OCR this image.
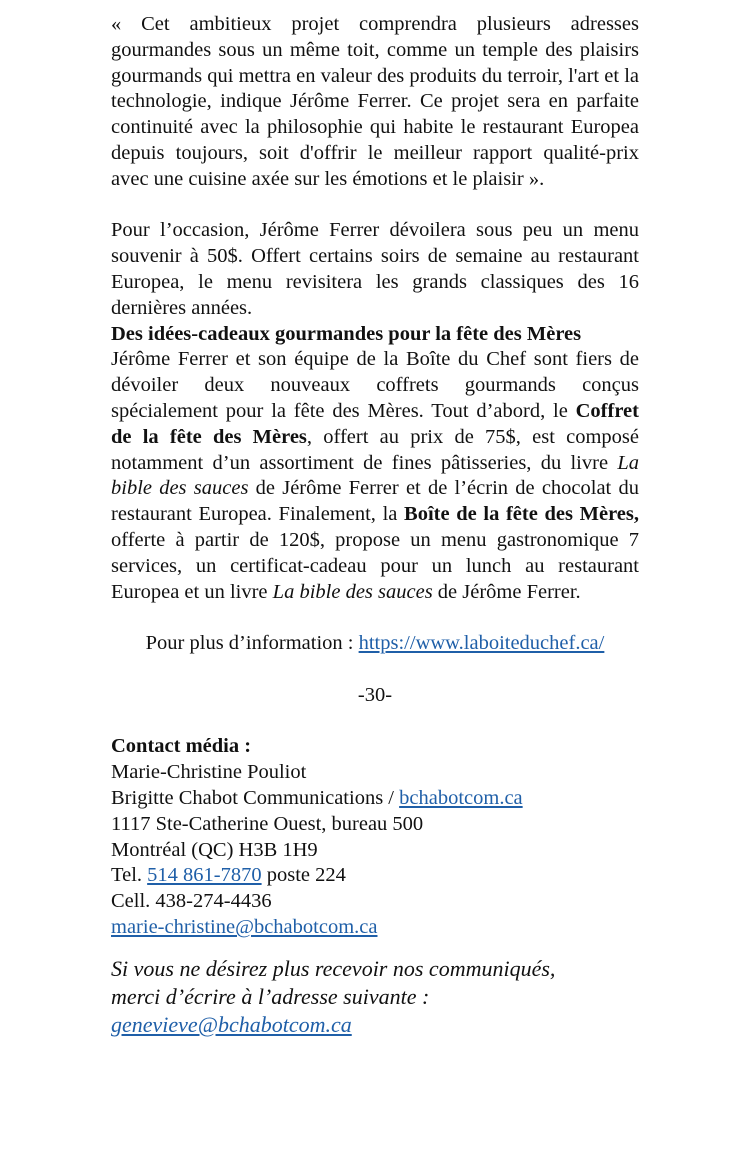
« Cet ambitieux projet comprendra plusieurs adresses gourmandes sous un même toit, comme un temple des plaisirs gourmands qui mettra en valeur des produits du terroir, l'art et la technologie, indique Jérôme Ferrer. Ce projet sera en parfaite continuité avec la philosophie qui habite le restaurant Europea depuis toujours, soit d'offrir le meilleur rapport qualité-prix avec une cuisine axée sur les émotions et le plaisir ».

Pour l’occasion, Jérôme Ferrer dévoilera sous peu un menu souvenir à 50$. Offert certains soirs de semaine au restaurant Europea, le menu revisitera les grands classiques des 16 dernières années.

Des idées-cadeaux gourmandes pour la fête des Mères

Jérôme Ferrer et son équipe de la Boîte du Chef sont fiers de dévoiler deux nouveaux coffrets gourmands conçus spécialement pour la fête des Mères. Tout d’abord, le Coffret de la fête des Mères, offert au prix de 75$, est composé notamment d’un assortiment de fines pâtisseries, du livre La bible des sauces de Jérôme Ferrer et de l’écrin de chocolat du restaurant Europea. Finalement, la Boîte de la fête des Mères, offerte à partir de 120$, propose un menu gastronomique 7 services, un certificat-cadeau pour un lunch au restaurant Europea et un livre La bible des sauces de Jérôme Ferrer.

Pour plus d’information : https://www.laboiteduchef.ca/

-30-

Contact média :

Marie-Christine Pouliot

Brigitte Chabot Communications / bchabotcom.ca

1117 Ste-Catherine Ouest, bureau 500

Montréal (QC) H3B 1H9

Tel. 514 861-7870 poste 224

Cell. 438-274-4436

marie-christine@bchabotcom.ca

Si vous ne désirez plus recevoir nos communiqués,

merci d’écrire à l’adresse suivante :

genevieve@bchabotcom.ca
